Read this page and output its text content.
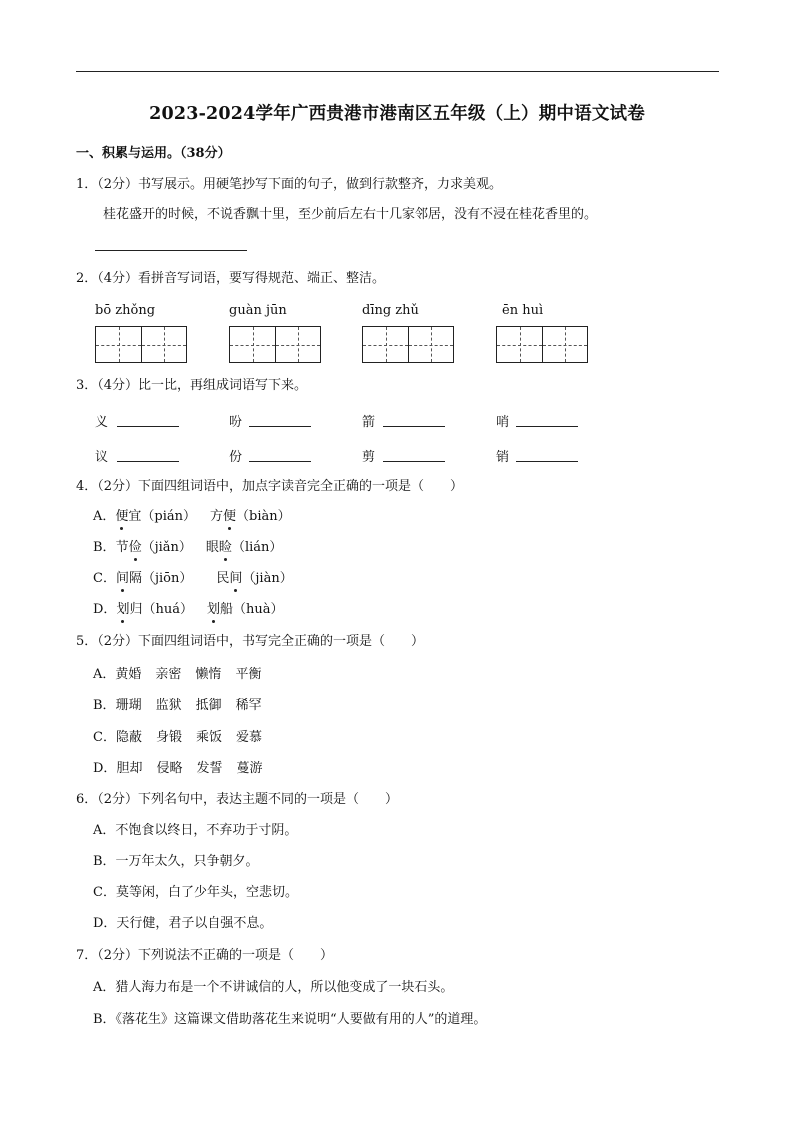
2023-2024学年广西贵港市港南区五年级（上）期中语文试卷
一、积累与运用。（38分）
1．（2分）书写展示。用硬笔抄写下面的句子，做到行款整齐，力求美观。
桂花盛开的时候，不说香飘十里，至少前后左右十几家邻居，没有不浸在桂花香里的。
2．（4分）看拼音写词语，要写得规范、端正、整洁。
bō zhǒng	guàn jūn	dīng zhǔ	ēn huì
3．（4分）比一比，再组成词语写下来。
义	吩	箭	哨
议	份	剪	销
4．（2分）下面四组词语中，加点字读音完全正确的一项是（　　）
A．便宜（pián） 方便（biàn）
B．节俭（jiǎn） 眼睑（lián）
C．间隔（jiōn） 民间（jiàn）
D．划归（huá） 划船（huà）
5．（2分）下面四组词语中，书写完全正确的一项是（　　）
A．黄婚 亲密 懒惰 平衡
B．珊瑚 监狱 抵御 稀罕
C．隐蔽 身锻 乘饭 爱慕
D．胆却 侵略 发誓 蔓游
6．（2分）下列名句中，表达主题不同的一项是（　　）
A．不饱食以终日，不弃功于寸阴。
B．一万年太久，只争朝夕。
C．莫等闲，白了少年头，空悲切。
D．天行健，君子以自强不息。
7．（2分）下列说法不正确的一项是（　　）
A．猎人海力布是一个不讲诚信的人，所以他变成了一块石头。
B．《落花生》这篇课文借助落花生来说明“人要做有用的人”的道理。
